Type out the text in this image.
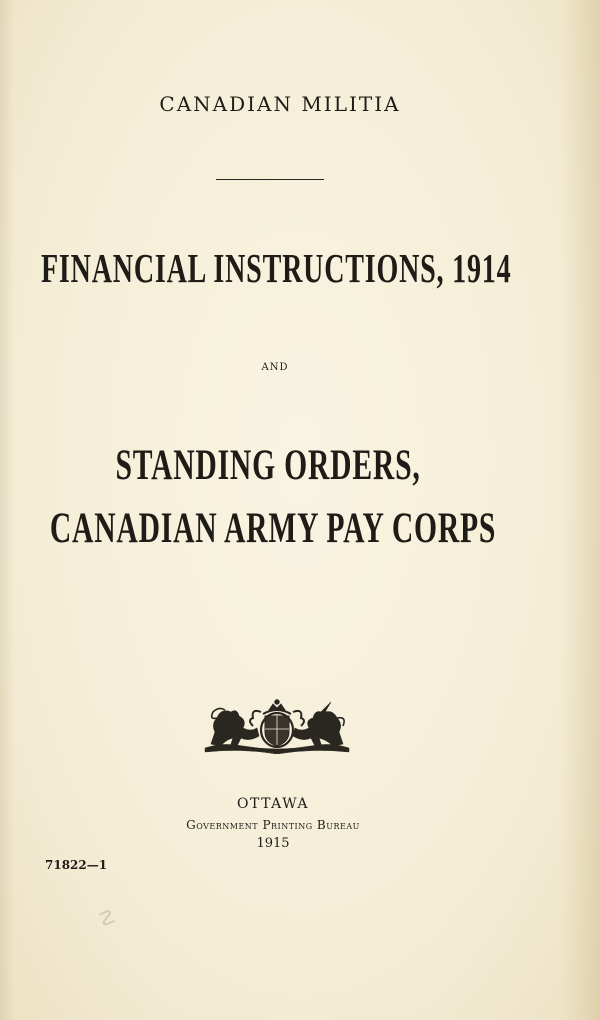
CANADIAN MILITIA

FINANCIAL INSTRUCTIONS, 1914

AND

STANDING ORDERS,

CANADIAN ARMY PAY CORPS

OTTAWA

Government Printing Bureau

1915

71822—1

☡
